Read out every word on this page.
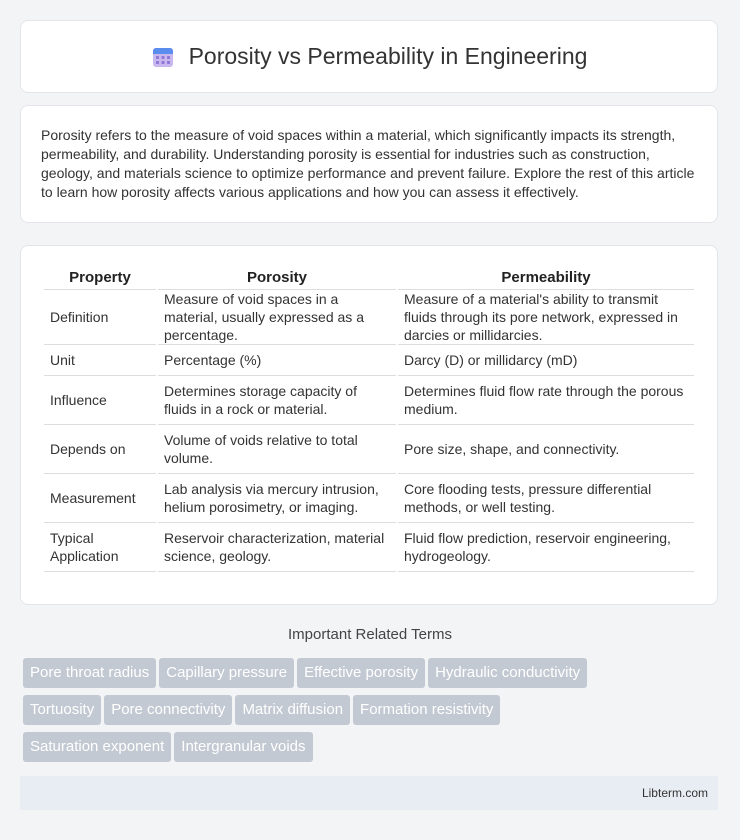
Porosity vs Permeability in Engineering

Porosity refers to the measure of void spaces within a material, which significantly impacts its strength, permeability, and durability. Understanding porosity is essential for industries such as construction, geology, and materials science to optimize performance and prevent failure. Explore the rest of this article to learn how porosity affects various applications and how you can assess it effectively.

Property	Porosity	Permeability
Definition	Measure of void spaces in a material, usually expressed as a percentage.	Measure of a material's ability to transmit fluids through its pore network, expressed in darcies or millidarcies.
Unit	Percentage (%)	Darcy (D) or millidarcy (mD)
Influence	Determines storage capacity of fluids in a rock or material.	Determines fluid flow rate through the porous medium.
Depends on	Volume of voids relative to total volume.	Pore size, shape, and connectivity.
Measurement	Lab analysis via mercury intrusion, helium porosimetry, or imaging.	Core flooding tests, pressure differential methods, or well testing.
Typical Application	Reservoir characterization, material science, geology.	Fluid flow prediction, reservoir engineering, hydrogeology.
Important Related Terms
Pore throat radius Capillary pressure Effective porosity Hydraulic conductivity
Tortuosity Pore connectivity Matrix diffusion Formation resistivity
Saturation exponent Intergranular voids
Libterm.com
